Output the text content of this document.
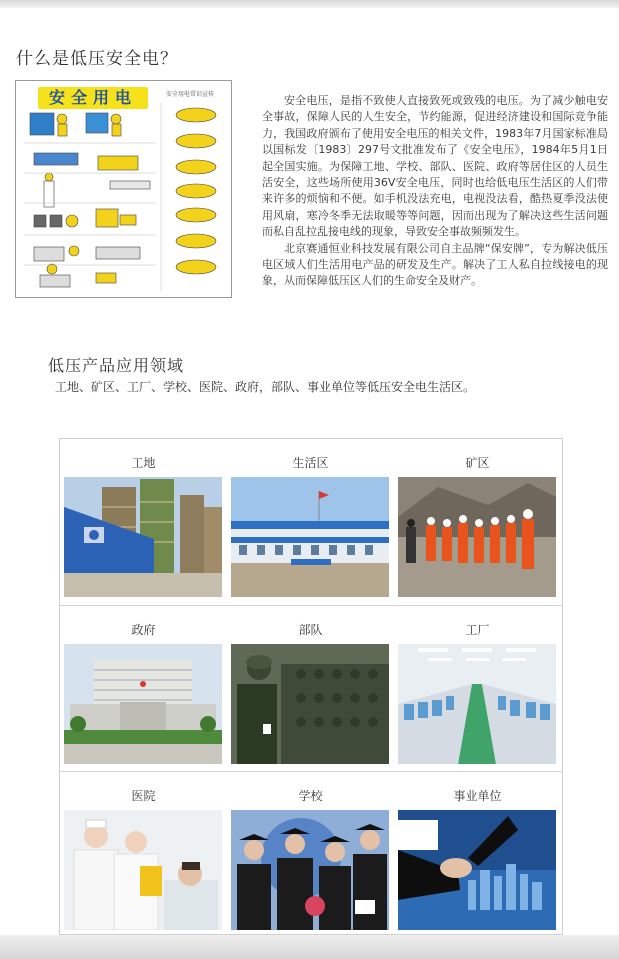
什么是低压安全电？
安全用电	安全用电常识宣传	安全电压，是指不致使人直接致死或致残的电压。为了减少触电安全事故，保障人民的人生安全，节约能源，促进经济建设和国际竞争能力，我国政府颁布了使用安全电压的相关文件，1983年7月国家标准局以国标发〔1983〕297号文批准发布了《安全电压》，1984年5月1日起全国实施。为保障工地、学校、部队、医院、政府等居住区的人员生活安全，这些场所使用36V安全电压，同时也给低电压生活区的人们带来许多的烦恼和不便。如手机没法充电，电视没法看，酷热夏季没法使用风扇，寒冷冬季无法取暖等等问题，因而出现为了解决这些生活问题而私自乱拉乱接电线的现象，导致安全事故频频发生。

北京赛通恒业科技发展有限公司自主品牌“保安牌”，专为解决低压电区域人们生活用电产品的研发及生产。解决了工人私自拉线接电的现象，从而保障低压区人们的生命安全及财产。

低压产品应用领域
工地、矿区、工厂、学校、医院、政府，部队、事业单位等低压安全电生活区。
工地	生活区	矿区
政府	部队	工厂
医院	学校	事业单位
